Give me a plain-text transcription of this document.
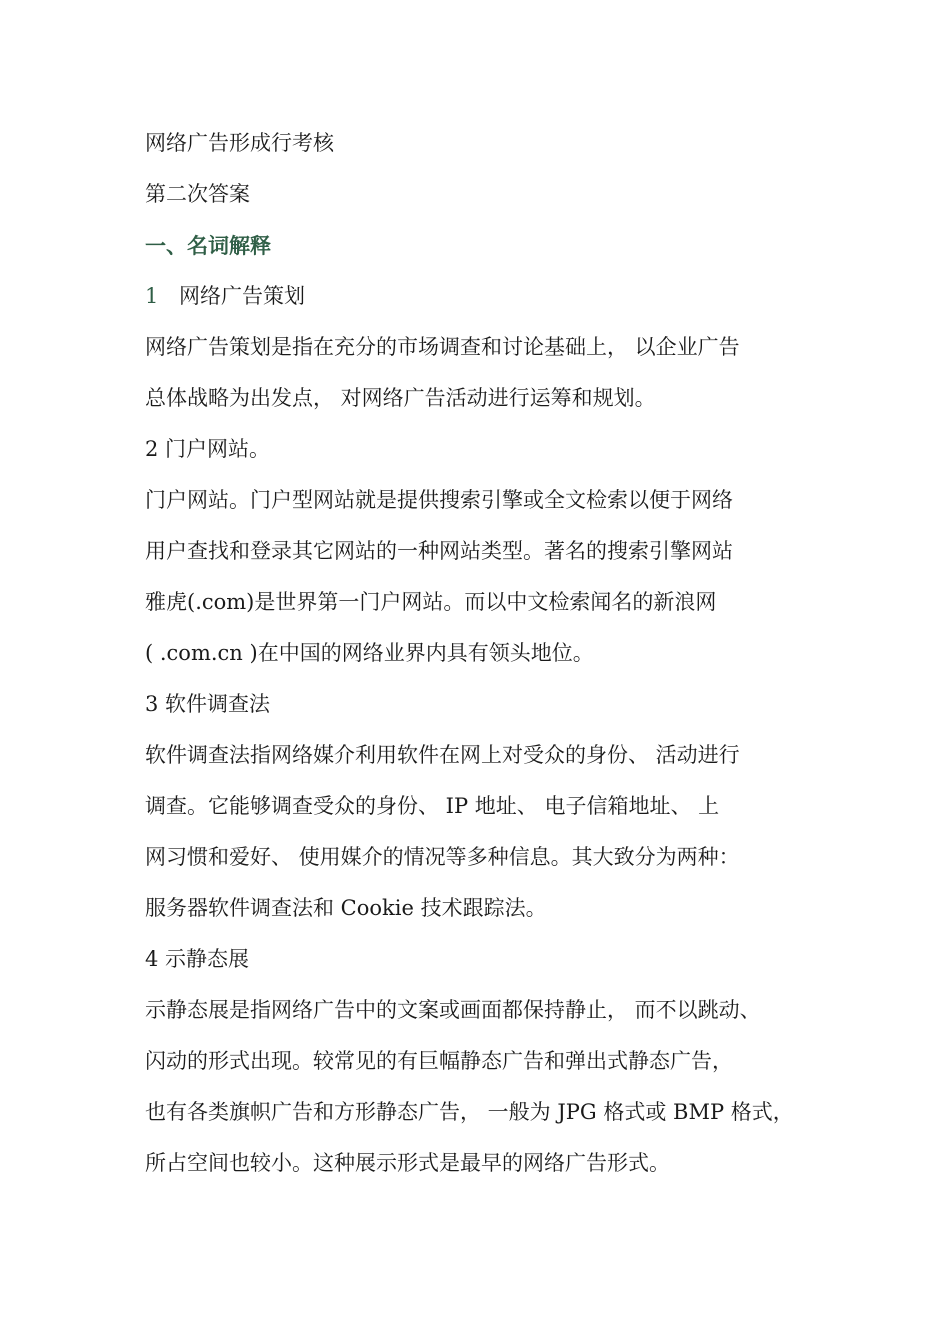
网络广告形成行考核
第二次答案
一、名词解释
1 网络广告策划
网络广告策划是指在充分的市场调查和讨论基础上， 以企业广告
总体战略为出发点， 对网络广告活动进行运筹和规划。
2 门户网站。
门户网站。门户型网站就是提供搜索引擎或全文检索以便于网络
用户查找和登录其它网站的一种网站类型。著名的搜索引擎网站
雅虎(.com)是世界第一门户网站。而以中文检索闻名的新浪网
( .com.cn )在中国的网络业界内具有领头地位。
3 软件调查法
软件调查法指网络媒介利用软件在网上对受众的身份、 活动进行
调查。它能够调查受众的身份、 IP 地址、 电子信箱地址、 上
网习惯和爱好、 使用媒介的情况等多种信息。其大致分为两种：
服务器软件调查法和 Cookie 技术跟踪法。
4 示静态展
示静态展是指网络广告中的文案或画面都保持静止， 而不以跳动、
闪动的形式出现。较常见的有巨幅静态广告和弹出式静态广告，
也有各类旗帜广告和方形静态广告， 一般为 JPG 格式或 BMP 格式，
所占空间也较小。这种展示形式是最早的网络广告形式。
